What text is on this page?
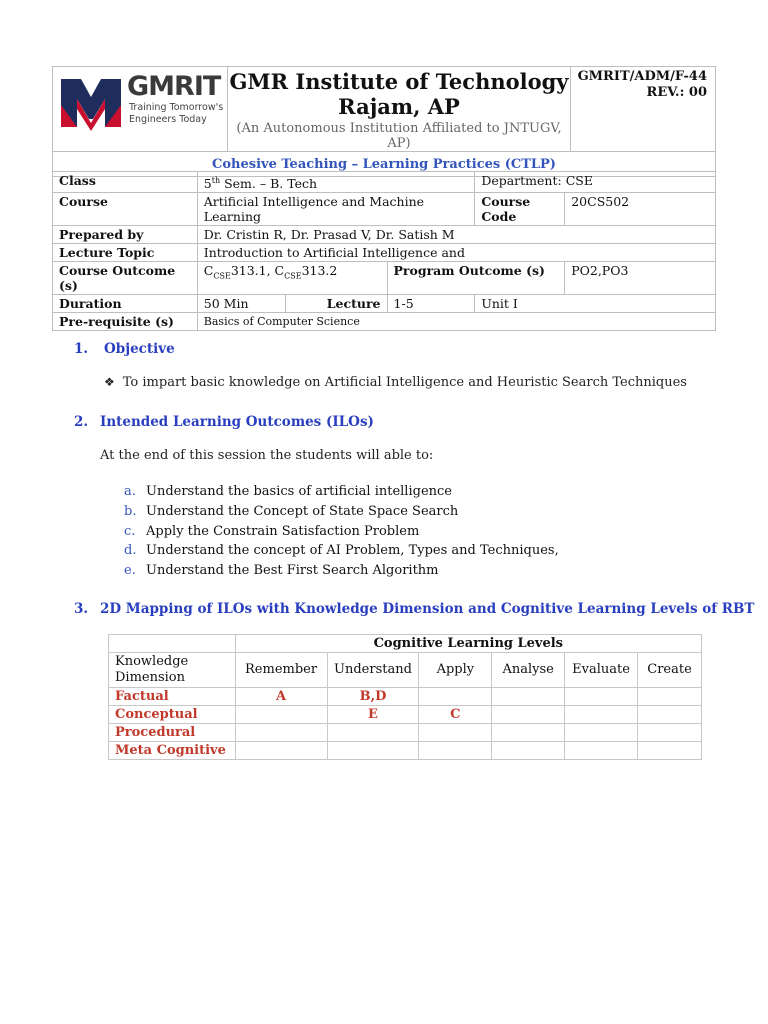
GMRIT
Training Tomorrow's
Engineers Today

GMR Institute of Technology
Rajam, AP
(An Autonomous Institution Affiliated to JNTUGV, AP)

GMRIT/ADM/F-44
REV.: 00

Cohesive Teaching – Learning Practices (CTLP)
Class	5th Sem. – B. Tech			Department: CSE	
Course	Artificial Intelligence and Machine Learning			Course Code	20CS502
Prepared by	Dr. Cristin R, Dr. Prasad V, Dr. Satish M				
Lecture Topic	Introduction to Artificial Intelligence and				
Course Outcome (s)	$C_{CSE}313.1$, $C_{CSE}313.2$		Program Outcome (s)		PO2,PO3
Duration	50 Min	Lecture	1-5	Unit I	
Pre-requisite (s)	Basics of Computer Science				
1. Objective
❖ To impart basic knowledge on Artificial Intelligence and Heuristic Search Techniques
2. Intended Learning Outcomes (ILOs)
At the end of this session the students will able to:
a. Understand the basics of artificial intelligence
b. Understand the Concept of State Space Search
c. Apply the Constrain Satisfaction Problem
d. Understand the concept of AI Problem, Types and Techniques,
e. Understand the Best First Search Algorithm
3. 2D Mapping of ILOs with Knowledge Dimension and Cognitive Learning Levels of RBT
	Cognitive Learning Levels					

Knowledge
Dimension	Remember	Understand	Apply	Analyse	Evaluate	Create
Factual	A	B,D				
Conceptual		E	C			
Procedural						
Meta Cognitive						
